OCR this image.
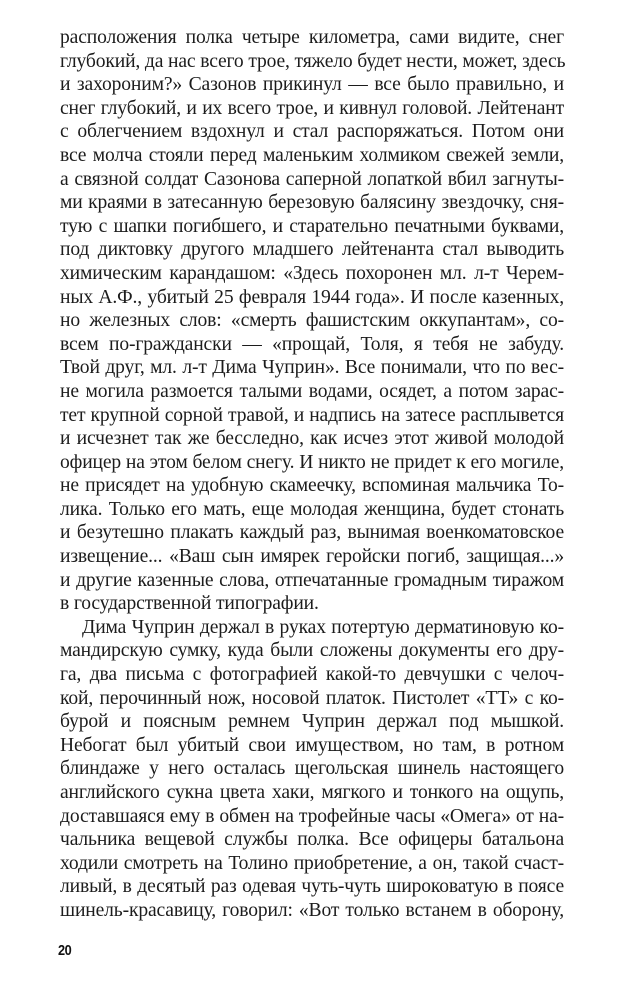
расположения полка четыре километра, сами видите, снег
глубокий, да нас всего трое, тяжело будет нести, может, здесь
и захороним?» Сазонов прикинул — все было правильно, и
снег глубокий, и их всего трое, и кивнул головой. Лейтенант
с облегчением вздохнул и стал распоряжаться. Потом они
все молча стояли перед маленьким холмиком свежей земли,
а связной солдат Сазонова саперной лопаткой вбил загнуты-
ми краями в затесанную березовую балясину звездочку, сня-
тую с шапки погибшего, и старательно печатными буквами,
под диктовку другого младшего лейтенанта стал выводить
химическим карандашом: «Здесь похоронен мл. л-т Черем-
ных А.Ф., убитый 25 февраля 1944 года». И после казенных,
но железных слов: «смерть фашистским оккупантам», со-
всем по-граждански — «прощай, Толя, я тебя не забуду.
Твой друг, мл. л-т Дима Чуприн». Все понимали, что по вес-
не могила размоется талыми водами, осядет, а потом зарас-
тет крупной сорной травой, и надпись на затесе расплывется
и исчезнет так же бесследно, как исчез этот живой молодой
офицер на этом белом снегу. И никто не придет к его могиле,
не присядет на удобную скамеечку, вспоминая мальчика То-
лика. Только его мать, еще молодая женщина, будет стонать
и безутешно плакать каждый раз, вынимая военкоматовское
извещение... «Ваш сын имярек геройски погиб, защищая...»
и другие казенные слова, отпечатанные громадным тиражом
в государственной типографии.
Дима Чуприн держал в руках потертую дерматиновую ко-
мандирскую сумку, куда были сложены документы его дру-
га, два письма с фотографией какой-то девчушки с челоч-
кой, перочинный нож, носовой платок. Пистолет «ТТ» с ко-
бурой и поясным ремнем Чуприн держал под мышкой.
Небогат был убитый свои имуществом, но там, в ротном
блиндаже у него осталась щегольская шинель настоящего
английского сукна цвета хаки, мягкого и тонкого на ощупь,
доставшаяся ему в обмен на трофейные часы «Омега» от на-
чальника вещевой службы полка. Все офицеры батальона
ходили смотреть на Толино приобретение, а он, такой счаст-
ливый, в десятый раз одевая чуть-чуть широковатую в поясе
шинель-красавицу, говорил: «Вот только встанем в оборону,
20
